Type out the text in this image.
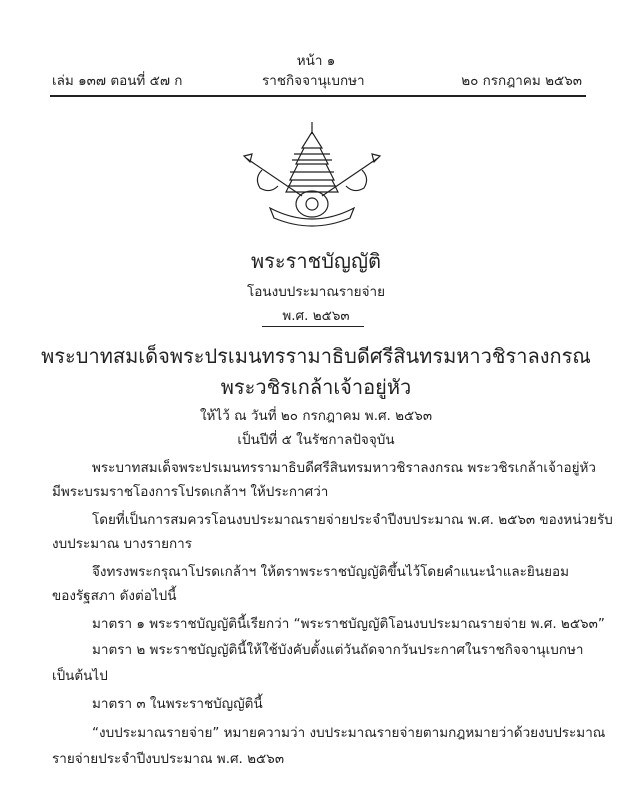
หน้า ๑
เล่ม ๑๓๗ ตอนที่ ๕๗ ก	ราชกิจจานุเบกษา	๒๐ กรกฎาคม ๒๕๖๓
พระราชบัญญัติ
โอนงบประมาณรายจ่าย
พ.ศ. ๒๕๖๓
พระบาทสมเด็จพระปรเมนทรรามาธิบดีศรีสินทรมหาวชิราลงกรณ
พระวชิรเกล้าเจ้าอยู่หัว
ให้ไว้ ณ วันที่ ๒๐ กรกฎาคม พ.ศ. ๒๕๖๓
เป็นปีที่ ๕ ในรัชกาลปัจจุบัน
พระบาทสมเด็จพระปรเมนทรรามาธิบดีศรีสินทรมหาวชิราลงกรณ พระวชิรเกล้าเจ้าอยู่หัว
มีพระบรมราชโองการโปรดเกล้าฯ ให้ประกาศว่า
โดยที่เป็นการสมควรโอนงบประมาณรายจ่ายประจำปีงบประมาณ พ.ศ. ๒๕๖๓ ของหน่วยรับ
งบประมาณ บางรายการ
จึงทรงพระกรุณาโปรดเกล้าฯ ให้ตราพระราชบัญญัติขึ้นไว้โดยคำแนะนำและยินยอม
ของรัฐสภา ดังต่อไปนี้
มาตรา ๑ พระราชบัญญัตินี้เรียกว่า “พระราชบัญญัติโอนงบประมาณรายจ่าย พ.ศ. ๒๕๖๓”
มาตรา ๒ พระราชบัญญัตินี้ให้ใช้บังคับตั้งแต่วันถัดจากวันประกาศในราชกิจจานุเบกษา
เป็นต้นไป
มาตรา ๓ ในพระราชบัญญัตินี้
“งบประมาณรายจ่าย” หมายความว่า งบประมาณรายจ่ายตามกฎหมายว่าด้วยงบประมาณ
รายจ่ายประจำปีงบประมาณ พ.ศ. ๒๕๖๓
